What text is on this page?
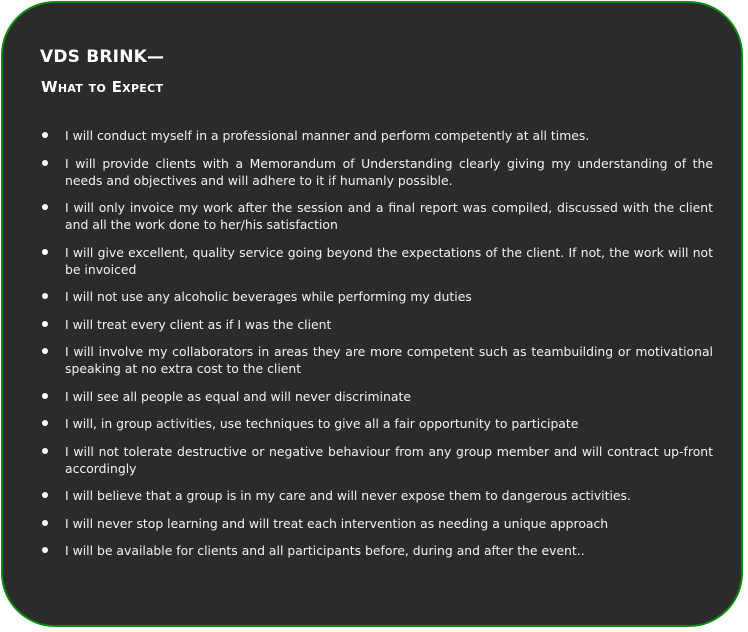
VDS BRINK—
What to Expect
I will conduct myself in a professional manner and perform competently at all times.
I will provide clients with a Memorandum of Understanding clearly giving my understanding of the needs and objectives and will adhere to it if humanly possible.
I will only invoice my work after the session and a final report was compiled, discussed with the client and all the work done to her/his satisfaction
I will give excellent, quality service going beyond the expectations of the client. If not, the work will not be invoiced
I will not use any alcoholic beverages while performing my duties
I will treat every client as if I was the client
I will involve my collaborators in areas they are more competent such as teambuilding or motivational speaking at no extra cost to the client
I will see all people as equal and will never discriminate
I will, in group activities, use techniques to give all a fair opportunity to participate
I will not tolerate destructive or negative behaviour from any group member and will contract up-front accordingly
I will believe that a group is in my care and will never expose them to dangerous activities.
I will never stop learning and will treat each intervention as needing a unique approach
I will be available for clients and all participants before, during and after the event..
